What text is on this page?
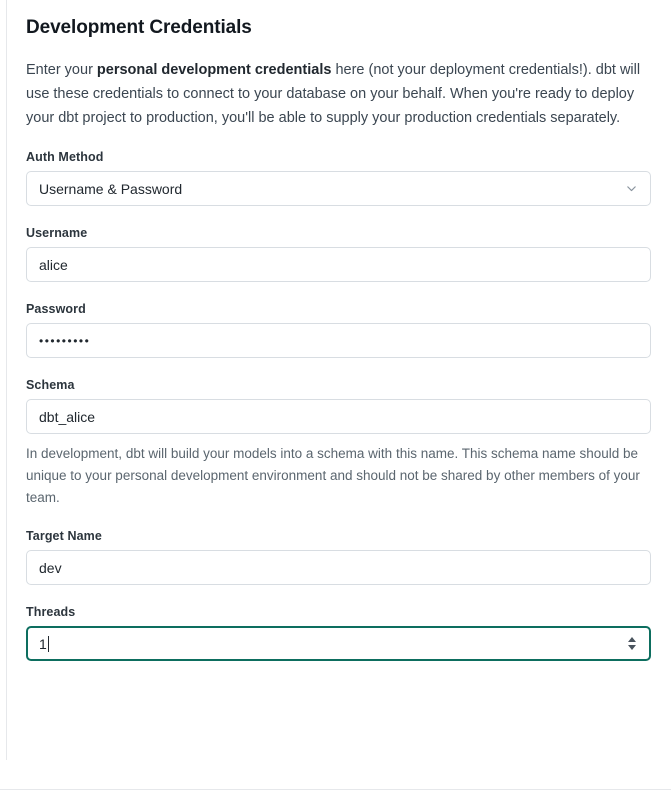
Development Credentials

Enter your personal development credentials here (not your deployment credentials!). dbt will use these credentials to connect to your database on your behalf. When you're ready to deploy your dbt project to production, you'll be able to supply your production credentials separately.

Auth Method
Username & Password
Username
alice
Password
•••••••••
Schema
dbt_alice
In development, dbt will build your models into a schema with this name. This schema name should be unique to your personal development environment and should not be shared by other members of your team.
Target Name
dev
Threads
1
